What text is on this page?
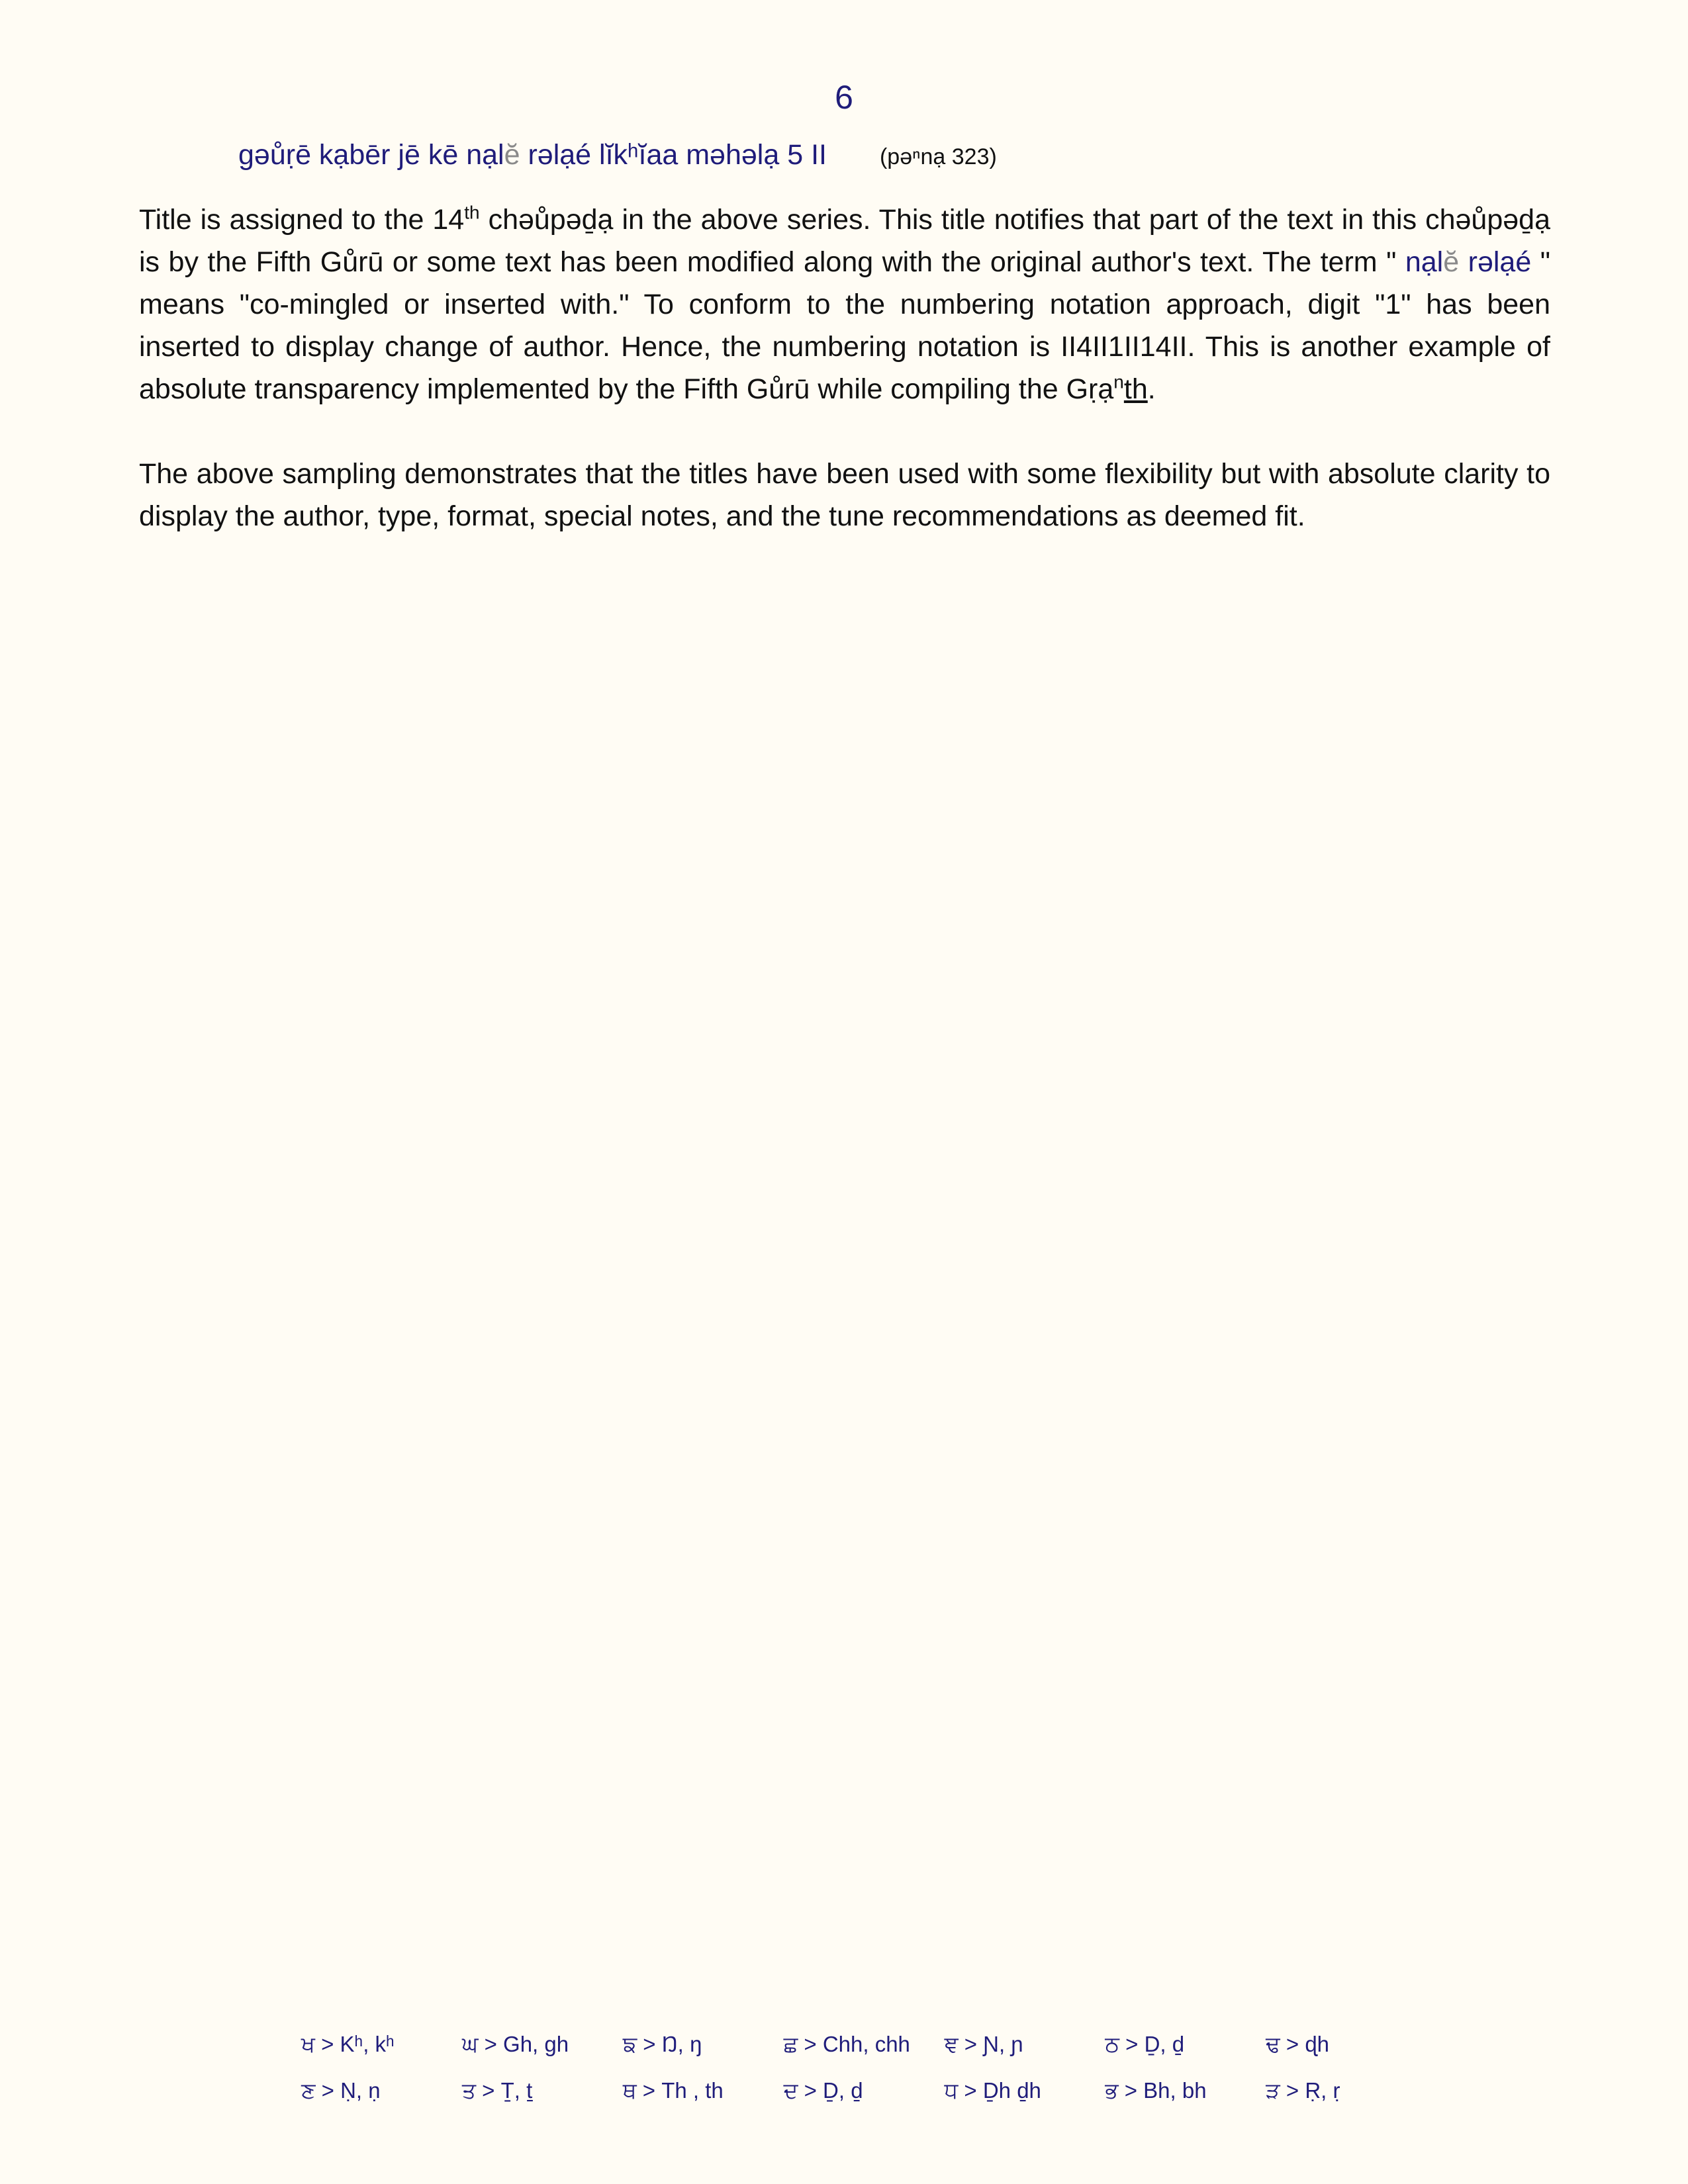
6
gəůṛē kạbēr jē kē nạlĕ rəlạé lĭkʰĭaa məhəlạ 5 II (pəⁿnạ 323)

Title is assigned to the 14th chəůpəḏạ in the above series. This title notifies that part of the text in this chəůpəḏạ is by the Fifth Gůrū or some text has been modified along with the original author's text. The term " nạlĕ rəlạé " means "co-mingled or inserted with." To conform to the numbering notation approach, digit "1" has been inserted to display change of author. Hence, the numbering notation is II4II1II14II. This is another example of absolute transparency implemented by the Fifth Gůrū while compiling the Gṛạ$^n$th.

The above sampling demonstrates that the titles have been used with some flexibility but with absolute clarity to display the author, type, format, special notes, and the tune recommendations as deemed fit.

ਖ > Kʰ, kʰ	ਘ > Gh, gh	ਙ > Ŋ, ŋ	ਛ > Chh, chh	ਞ > Ɲ, ɲ	ਠ > Ḏ, ḏ	ਢ > ɖh
ਣ > Ṇ, ṇ	ਤ > Ṯ, ṯ	ਥ > Th , th	ਦ > Ḏ, ḏ	ਧ > Ḏh ḏh	ਭ > Bh, bh	ੜ > Ṛ, ṛ
